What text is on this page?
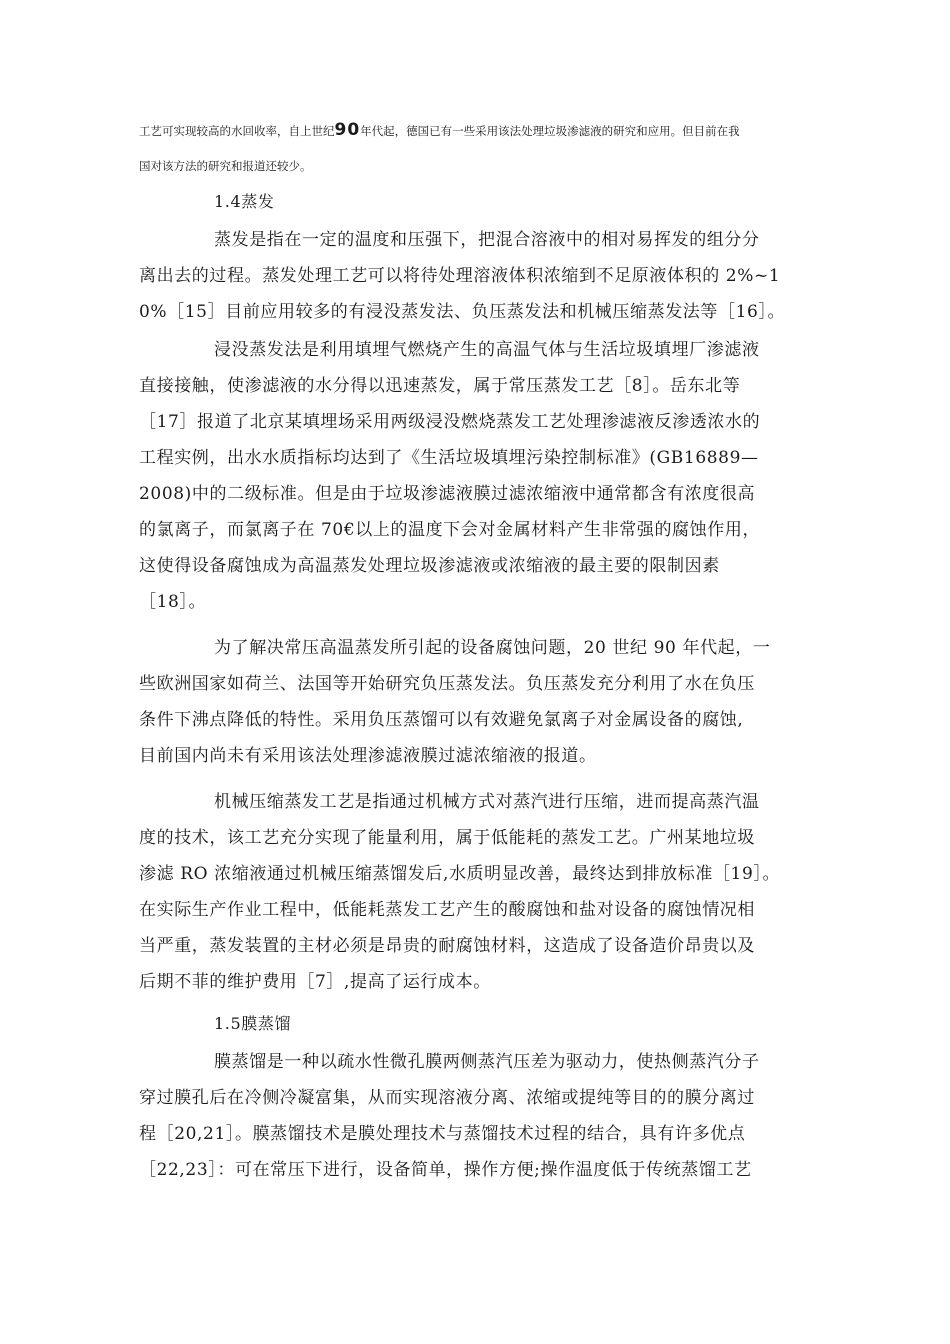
工艺可实现较高的水回收率，自上世纪90年代起，德国已有一些采用该法处理垃圾渗滤液的研究和应用。但目前在我
国对该方法的研究和报道还较少。
1.4蒸发
蒸发是指在一定的温度和压强下，把混合溶液中的相对易挥发的组分分
离出去的过程。蒸发处理工艺可以将待处理溶液体积浓缩到不足原液体积的 2%~1
0%［15］目前应用较多的有浸没蒸发法、负压蒸发法和机械压缩蒸发法等［16］。
浸没蒸发法是利用填埋气燃烧产生的高温气体与生活垃圾填埋厂渗滤液
直接接触，使渗滤液的水分得以迅速蒸发，属于常压蒸发工艺［8］。岳东北等
［17］报道了北京某填埋场采用两级浸没燃烧蒸发工艺处理渗滤液反渗透浓水的
工程实例，出水水质指标均达到了《生活垃圾填埋污染控制标准》(GB16889—
2008)中的二级标准。但是由于垃圾渗滤液膜过滤浓缩液中通常都含有浓度很高
的氯离子，而氯离子在 70€以上的温度下会对金属材料产生非常强的腐蚀作用，
这使得设备腐蚀成为高温蒸发处理垃圾渗滤液或浓缩液的最主要的限制因素
［18］。
为了解决常压高温蒸发所引起的设备腐蚀问题，20 世纪 90 年代起，一
些欧洲国家如荷兰、法国等开始研究负压蒸发法。负压蒸发充分利用了水在负压
条件下沸点降低的特性。采用负压蒸馏可以有效避免氯离子对金属设备的腐蚀,
目前国内尚未有采用该法处理渗滤液膜过滤浓缩液的报道。
机械压缩蒸发工艺是指通过机械方式对蒸汽进行压缩，进而提高蒸汽温
度的技术，该工艺充分实现了能量利用，属于低能耗的蒸发工艺。广州某地垃圾
渗滤 RO 浓缩液通过机械压缩蒸馏发后,水质明显改善，最终达到排放标准［19］。
在实际生产作业工程中，低能耗蒸发工艺产生的酸腐蚀和盐对设备的腐蚀情况相
当严重，蒸发装置的主材必须是昂贵的耐腐蚀材料，这造成了设备造价昂贵以及
后期不菲的维护费用［7］,提高了运行成本。
1.5膜蒸馏
膜蒸馏是一种以疏水性微孔膜两侧蒸汽压差为驱动力，使热侧蒸汽分子
穿过膜孔后在冷侧冷凝富集，从而实现溶液分离、浓缩或提纯等目的的膜分离过
程［20,21］。膜蒸馏技术是膜处理技术与蒸馏技术过程的结合，具有许多优点
［22,23］：可在常压下进行，设备简单，操作方便;操作温度低于传统蒸馏工艺
